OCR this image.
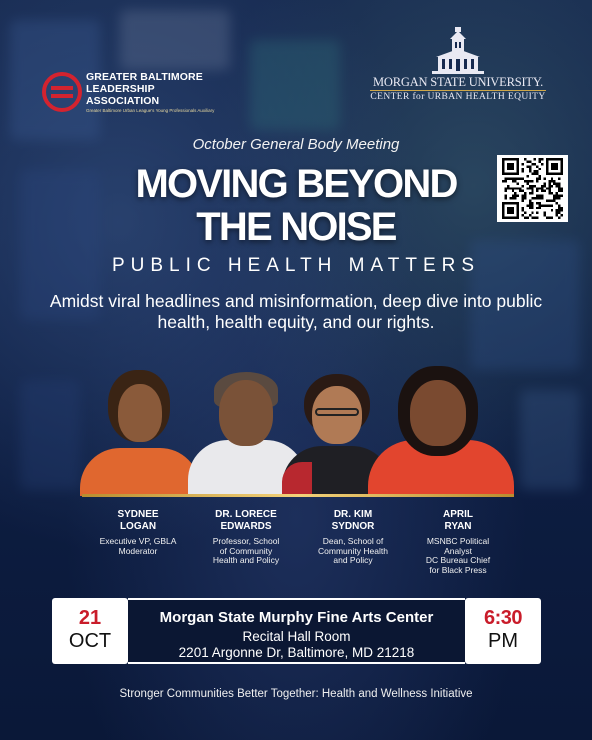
GREATER BALTIMORE
LEADERSHIP ASSOCIATION
Greater Baltimore Urban League's Young Professionals Auxiliary
MORGAN STATE UNIVERSITY.
CENTER for URBAN HEALTH EQUITY
October General Body Meeting
MOVING BEYOND
THE NOISE
PUBLIC HEALTH MATTERS
Amidst viral headlines and misinformation, deep dive into public health, health equity, and our rights.
SYDNEE
LOGAN
Executive VP, GBLA
Moderator
DR. LORECE
EDWARDS
Professor, School
of Community
Health and Policy
DR. KIM
SYDNOR
Dean, School of
Community Health
and Policy
APRIL
RYAN
MSNBC Political
Analyst
DC Bureau Chief
for Black Press
21
OCT
Morgan State Murphy Fine Arts Center
Recital Hall Room
2201 Argonne Dr, Baltimore, MD 21218
6:30
PM
Stronger Communities Better Together: Health and Wellness Initiative
